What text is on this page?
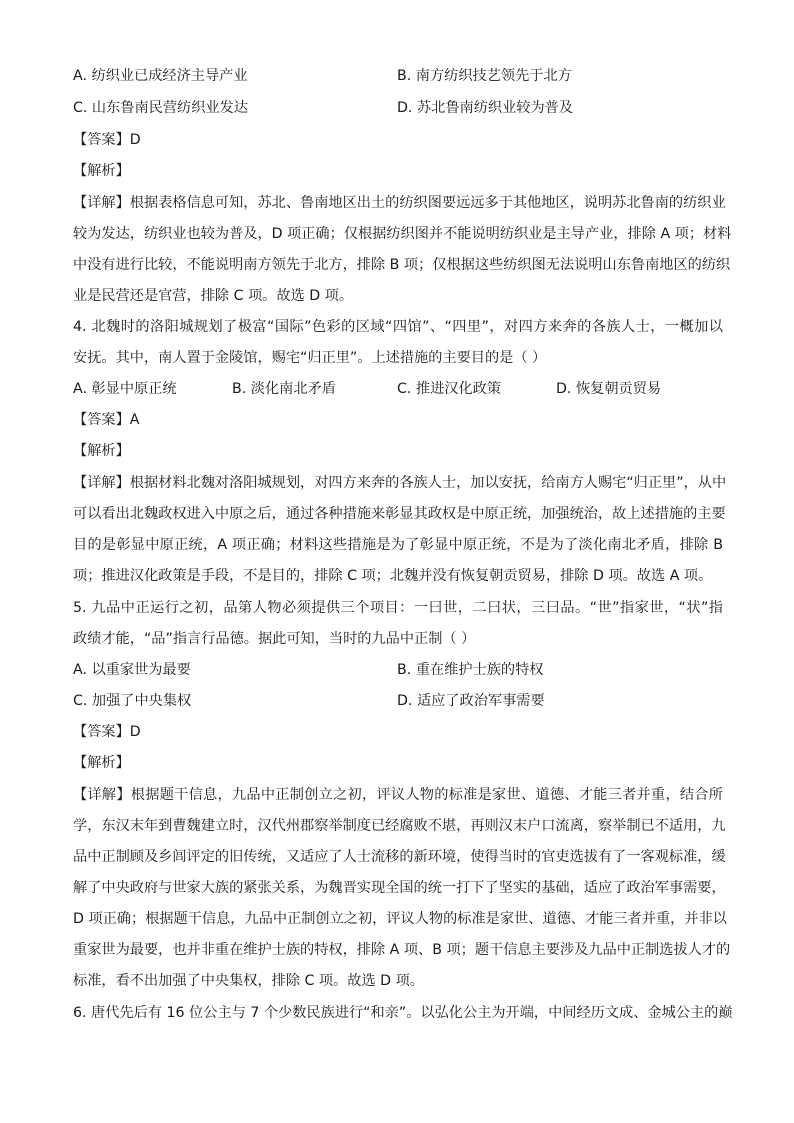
A. 纺织业已成经济主导产业	B. 南方纺织技艺领先于北方
C. 山东鲁南民营纺织业发达	D. 苏北鲁南纺织业较为普及
【答案】D
【解析】
【详解】根据表格信息可知，苏北、鲁南地区出土的纺织图要远远多于其他地区，说明苏北鲁南的纺织业
较为发达，纺织业也较为普及，D 项正确；仅根据纺织图并不能说明纺织业是主导产业，排除 A 项；材料
中没有进行比较，不能说明南方领先于北方，排除 B 项；仅根据这些纺织图无法说明山东鲁南地区的纺织
业是民营还是官营，排除 C 项。故选 D 项。
4. 北魏时的洛阳城规划了极富“国际”色彩的区域“四馆”、“四里”，对四方来奔的各族人士，一概加以
安抚。其中，南人置于金陵馆，赐宅“归正里”。上述措施的主要目的是（ ）
A. 彰显中原正统	B. 淡化南北矛盾	C. 推进汉化政策	D. 恢复朝贡贸易
【答案】A
【解析】
【详解】根据材料北魏对洛阳城规划，对四方来奔的各族人士，加以安抚，给南方人赐宅“归正里”，从中
可以看出北魏政权进入中原之后，通过各种措施来彰显其政权是中原正统，加强统治，故上述措施的主要
目的是彰显中原正统，A 项正确；材料这些措施是为了彰显中原正统，不是为了淡化南北矛盾，排除 B
项；推进汉化政策是手段，不是目的，排除 C 项；北魏并没有恢复朝贡贸易，排除 D 项。故选 A 项。
5. 九品中正运行之初，品第人物必须提供三个项目：一曰世，二曰状，三曰品。“世”指家世，“状”指
政绩才能，“品”指言行品德。据此可知，当时的九品中正制（ ）
A. 以重家世为最要	B. 重在维护士族的特权
C. 加强了中央集权	D. 适应了政治军事需要
【答案】D
【解析】
【详解】根据题干信息，九品中正制创立之初，评议人物的标准是家世、道德、才能三者并重，结合所
学，东汉末年到曹魏建立时，汉代州郡察举制度已经腐败不堪，再则汉末户口流离，察举制已不适用，九
品中正制顾及乡闾评定的旧传统，又适应了人士流移的新环境，使得当时的官吏选拔有了一客观标准，缓
解了中央政府与世家大族的紧张关系，为魏晋实现全国的统一打下了坚实的基础，适应了政治军事需要，
D 项正确；根据题干信息，九品中正制创立之初，评议人物的标准是家世、道德、才能三者并重，并非以
重家世为最要，也并非重在维护士族的特权，排除 A 项、B 项；题干信息主要涉及九品中正制选拔人才的
标准，看不出加强了中央集权，排除 C 项。故选 D 项。
6. 唐代先后有 16 位公主与 7 个少数民族进行“和亲”。以弘化公主为开端，中间经历文成、金城公主的巅
